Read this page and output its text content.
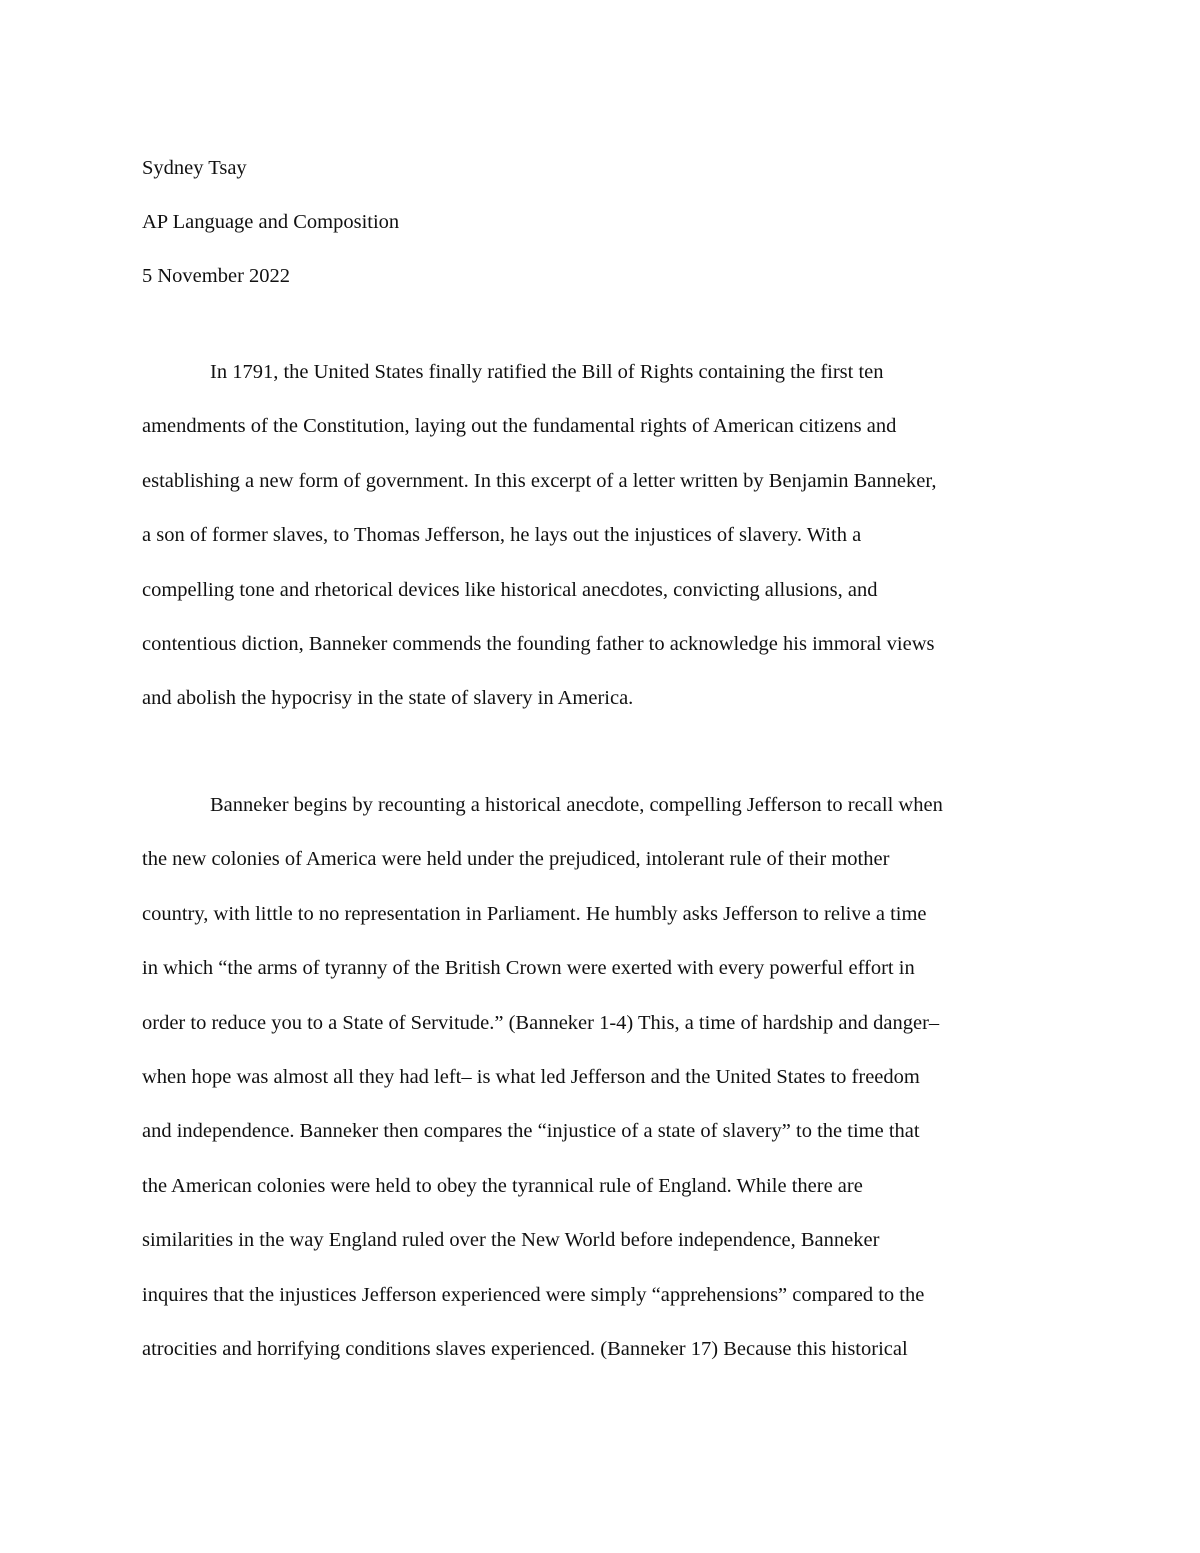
Sydney Tsay
AP Language and Composition
5 November 2022
In 1791, the United States finally ratified the Bill of Rights containing the first ten
amendments of the Constitution, laying out the fundamental rights of American citizens and
establishing a new form of government. In this excerpt of a letter written by Benjamin Banneker,
a son of former slaves, to Thomas Jefferson, he lays out the injustices of slavery. With a
compelling tone and rhetorical devices like historical anecdotes, convicting allusions, and
contentious diction, Banneker commends the founding father to acknowledge his immoral views
and abolish the hypocrisy in the state of slavery in America.
Banneker begins by recounting a historical anecdote, compelling Jefferson to recall when
the new colonies of America were held under the prejudiced, intolerant rule of their mother
country, with little to no representation in Parliament. He humbly asks Jefferson to relive a time
in which “the arms of tyranny of the British Crown were exerted with every powerful effort in
order to reduce you to a State of Servitude.” (Banneker 1-4) This, a time of hardship and danger–
when hope was almost all they had left– is what led Jefferson and the United States to freedom
and independence. Banneker then compares the “injustice of a state of slavery” to the time that
the American colonies were held to obey the tyrannical rule of England. While there are
similarities in the way England ruled over the New World before independence, Banneker
inquires that the injustices Jefferson experienced were simply “apprehensions” compared to the
atrocities and horrifying conditions slaves experienced. (Banneker 17) Because this historical
